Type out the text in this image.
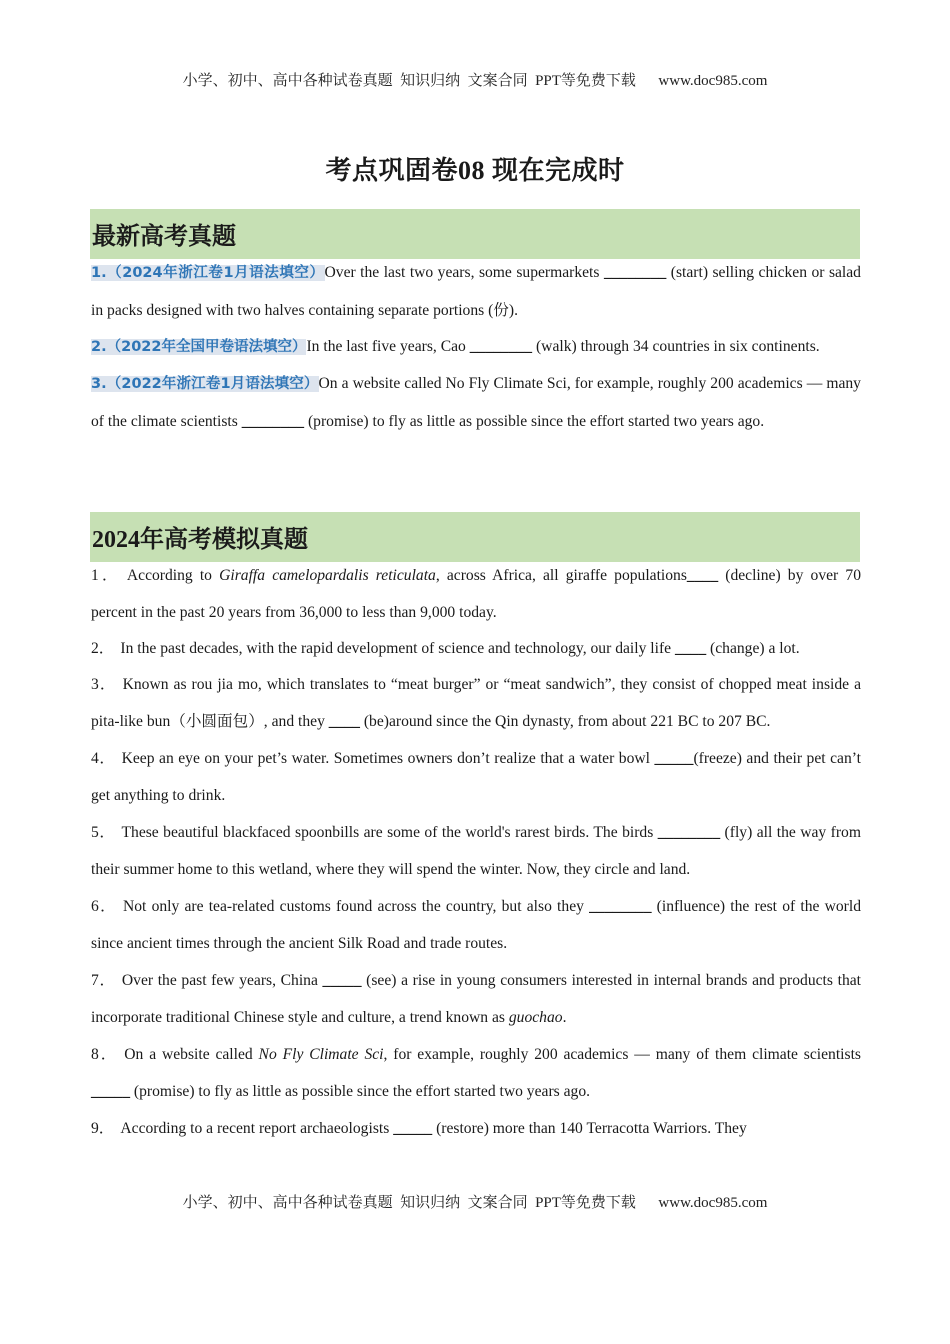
小学、初中、高中各种试卷真题  知识归纳  文案合同  PPT等免费下载      www.doc985.com
考点巩固卷08 现在完成时
最新高考真题

1.（2024年浙江卷1月语法填空）Over the last two years, some supermarkets ________ (start) selling chicken or salad in packs designed with two halves containing separate portions (份).

2.（2022年全国甲卷语法填空）In the last five years, Cao ________ (walk) through 34 countries in six continents.

3.（2022年浙江卷1月语法填空）On a website called No Fly Climate Sci, for example, roughly 200 academics — many of the climate scientists ________ (promise) to fly as little as possible since the effort started two years ago.

2024年高考模拟真题

1． According to Giraffa camelopardalis reticulata, across Africa, all giraffe populations____ (decline) by over 70 percent in the past 20 years from 36,000 to less than 9,000 today.

2． In the past decades, with the rapid development of science and technology, our daily life ____ (change) a lot.

3． Known as rou jia mo, which translates to “meat burger” or “meat sandwich”, they consist of chopped meat inside a pita-like bun（小圆面包）, and they ____ (be)around since the Qin dynasty, from about 221 BC to 207 BC.

4． Keep an eye on your pet’s water. Sometimes owners don’t realize that a water bowl _____(freeze) and their pet can’t get anything to drink.

5． These beautiful blackfaced spoonbills are some of the world's rarest birds. The birds ________ (fly) all the way from their summer home to this wetland, where they will spend the winter. Now, they circle and land.

6． Not only are tea-related customs found across the country, but also they ________ (influence) the rest of the world since ancient times through the ancient Silk Road and trade routes.

7． Over the past few years, China _____ (see) a rise in young consumers interested in internal brands and products that incorporate traditional Chinese style and culture, a trend known as guochao.

8． On a website called No Fly Climate Sci, for example, roughly 200 academics — many of them climate scientists _____ (promise) to fly as little as possible since the effort started two years ago.

9． According to a recent report archaeologists _____ (restore) more than 140 Terracotta Warriors. They

小学、初中、高中各种试卷真题  知识归纳  文案合同  PPT等免费下载      www.doc985.com
